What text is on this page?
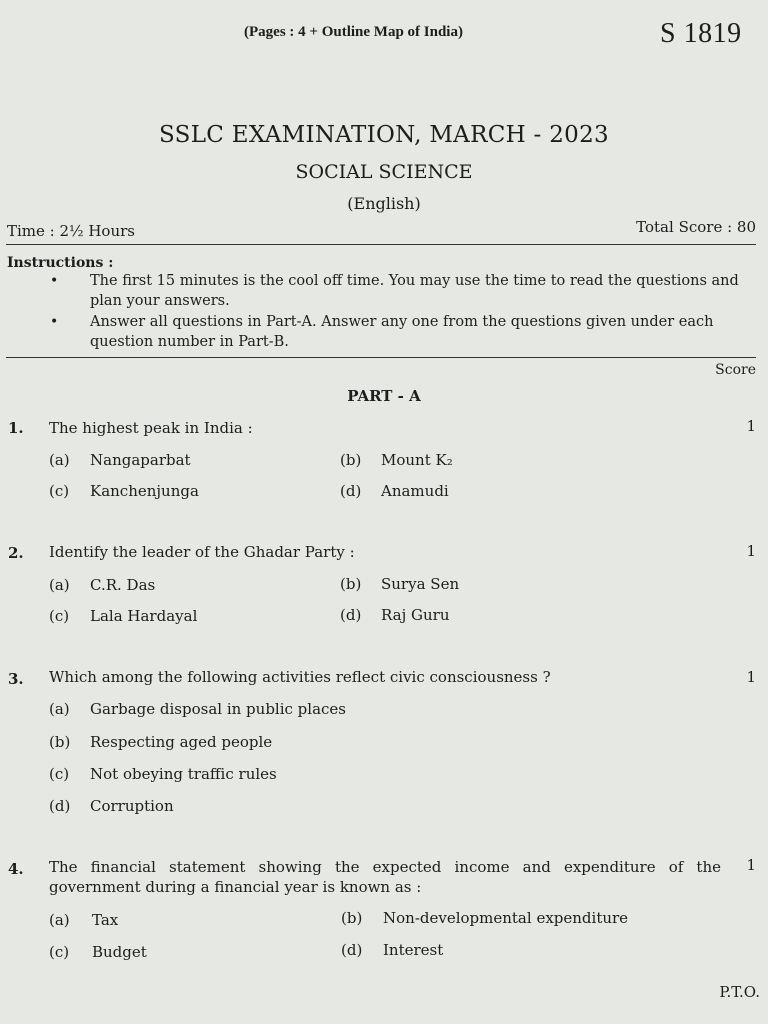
(Pages : 4 + Outline Map of India)	S 1819
SSLC EXAMINATION, MARCH - 2023
SOCIAL SCIENCE
(English)
Time : 2½ Hours	Total Score : 80
Instructions :
• The first 15 minutes is the cool off time. You may use the time to read the questions and plan your answers.
• Answer all questions in Part-A. Answer any one from the questions given under each question number in Part-B.
Score
PART - A
1. The highest peak in India :	1
(a) Nangaparbat	(b) Mount K₂
(c) Kanchenjunga	(d) Anamudi
2. Identify the leader of the Ghadar Party :	1
(a) C.R. Das	(b) Surya Sen
(c) Lala Hardayal	(d) Raj Guru
3. Which among the following activities reflect civic consciousness ?	1
(a) Garbage disposal in public places
(b) Respecting aged people
(c) Not obeying traffic rules
(d) Corruption
4. The financial statement showing the expected income and expenditure of the government during a financial year is known as :
1
(a) Tax	(b) Non-developmental expenditure
(c) Budget	(d) Interest
P.T.O.
